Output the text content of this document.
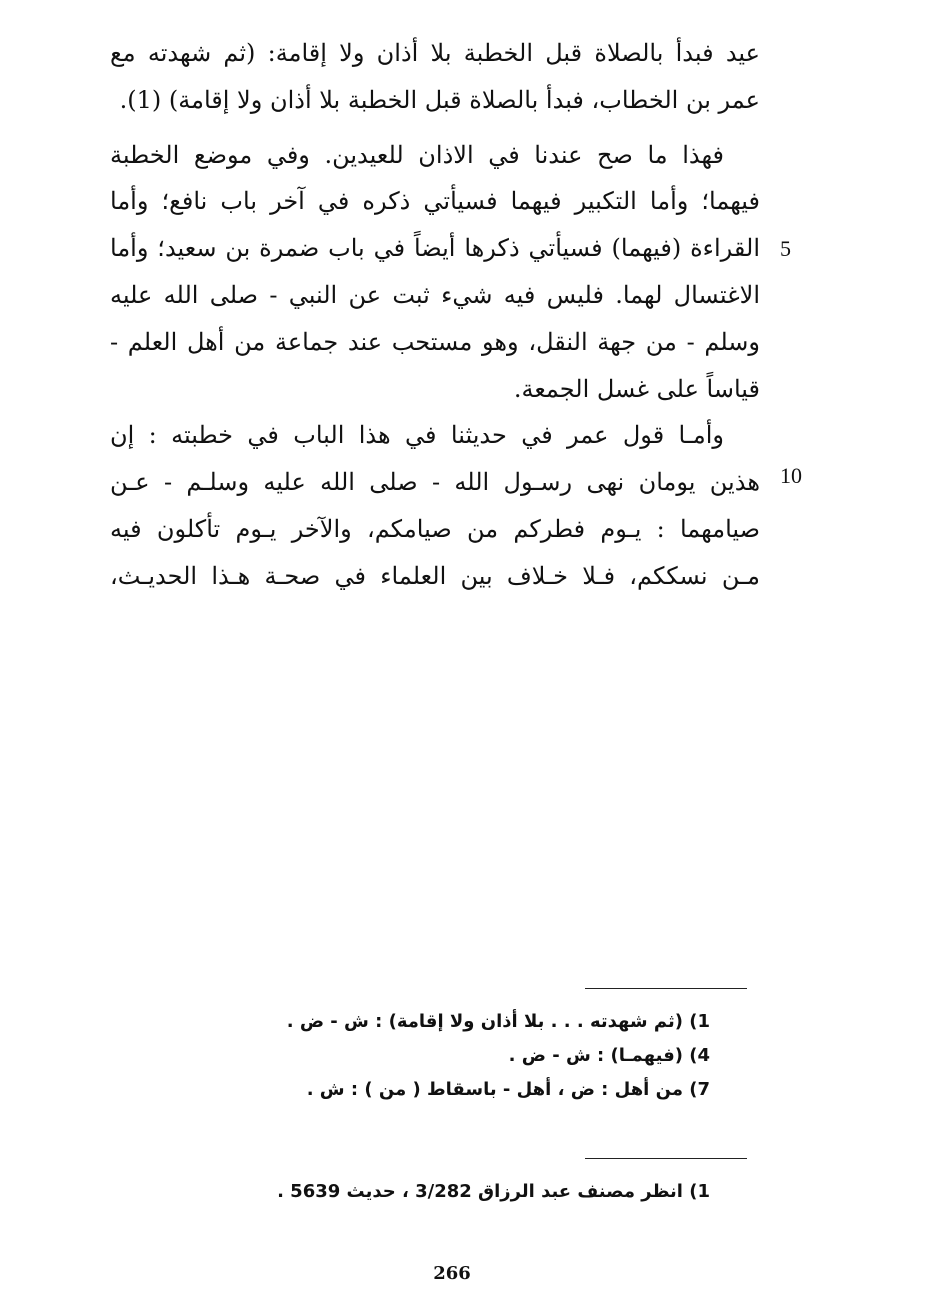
عيد فبدأ بالصلاة قبل الخطبة بلا أذان ولا إقامة: (ثم شهدته مع
عمر بن الخطاب، فبدأ بالصلاة قبل الخطبة بلا أذان ولا إقامة) (1).
فهذا ما صح عندنا في الاذان للعيدين. وفي موضع الخطبة
فيهما؛ وأما التكبير فيهما فسيأتي ذكره في آخر باب نافع؛ وأما
القراءة (فيهما) فسيأتي ذكرها أيضاً في باب ضمرة بن سعيد؛ وأما
الاغتسال لهما. فليس فيه شيء ثبت عن النبي - صلى الله عليه
وسلم - من جهة النقل، وهو مستحب عند جماعة من أهل العلم -
قياساً على غسل الجمعة.
وأمـا قول عمر في حديثنا في هذا الباب في خطبته : إن
هذين يومان نهى رسـول الله - صلى الله عليه وسلـم - عـن
صيامهما : يـوم فطركم من صيامكم، والآخر يـوم تأكلون فيه
مـن نسككم، فـلا خـلاف بين العلماء في صحـة هـذا الحديـث،
5
10
1) (ثم شهدته . . . بلا أذان ولا إقامة) : ش - ض .
4) (فيهمـا) : ش - ض .
7) من أهل : ض ، أهل - باسقاط ( من ) : ش .
1) انظر مصنف عبد الرزاق 3/282 ، حديث 5639 .
266
